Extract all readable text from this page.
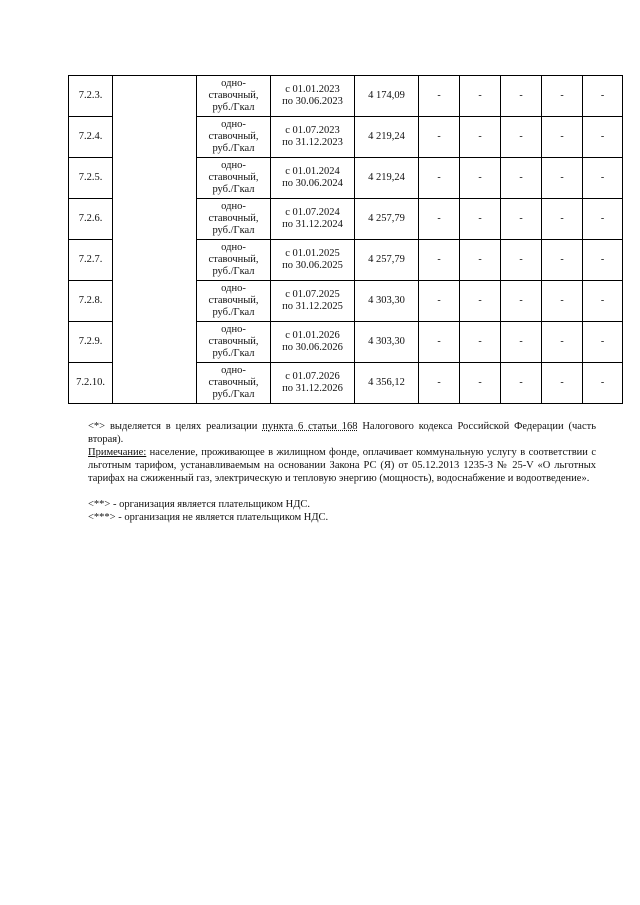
7.2.3.		одно-
ставочный,
руб./Гкал	с 01.01.2023
по 30.06.2023	4 174,09	-	-	-	-	-
7.2.4.		одно-
ставочный,
руб./Гкал	с 01.07.2023
по 31.12.2023	4 219,24	-	-	-	-	-
7.2.5.		одно-
ставочный,
руб./Гкал	с 01.01.2024
по 30.06.2024	4 219,24	-	-	-	-	-
7.2.6.		одно-
ставочный,
руб./Гкал	с 01.07.2024
по 31.12.2024	4 257,79	-	-	-	-	-
7.2.7.		одно-
ставочный,
руб./Гкал	с 01.01.2025
по 30.06.2025	4 257,79	-	-	-	-	-
7.2.8.		одно-
ставочный,
руб./Гкал	с 01.07.2025
по 31.12.2025	4 303,30	-	-	-	-	-
7.2.9.		одно-
ставочный,
руб./Гкал	с 01.01.2026
по 30.06.2026	4 303,30	-	-	-	-	-
7.2.10.		одно-
ставочный,
руб./Гкал	с 01.07.2026
по 31.12.2026	4 356,12	-	-	-	-	-

<*> выделяется в целях реализации пункта 6 статьи 168 Налогового кодекса Российской Федерации (часть вторая).

Примечание: население, проживающее в жилищном фонде, оплачивает коммунальную услугу в соответствии с льготным тарифом, устанавливаемым на основании Закона РС (Я) от 05.12.2013 1235-З № 25-V «О льготных тарифах на сжиженный газ, электрическую и тепловую энергию (мощность), водоснабжение и водоотведение».

<**> - организация является плательщиком НДС.

<***> - организация не является плательщиком НДС.
